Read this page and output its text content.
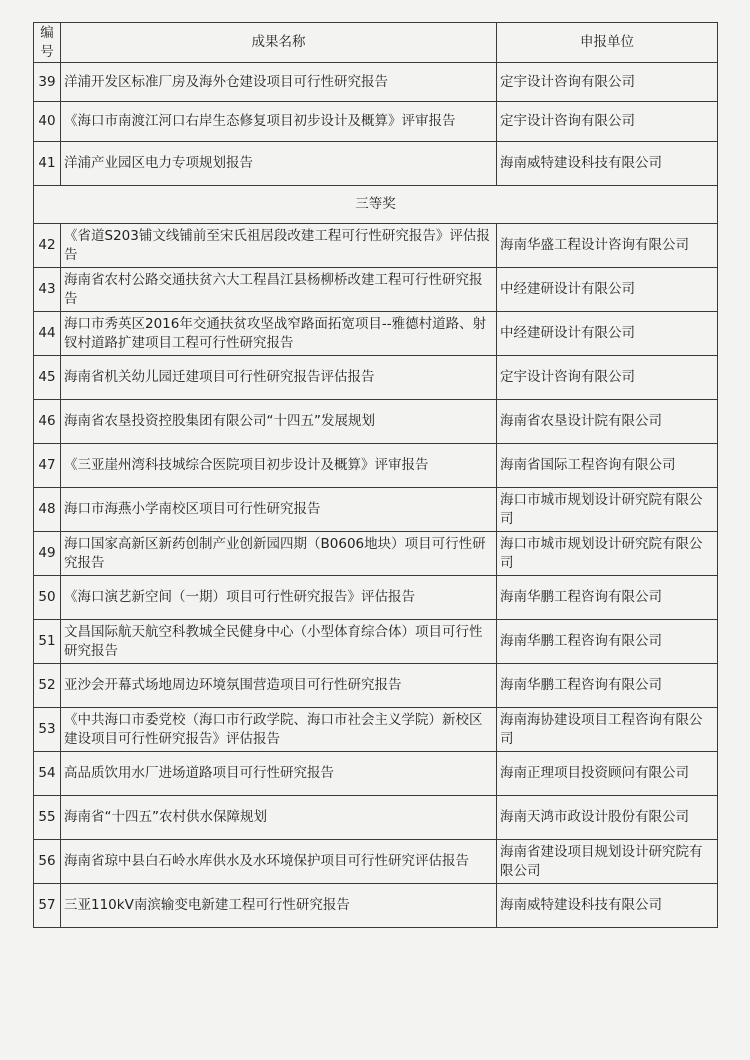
编号	成果名称	申报单位
39	洋浦开发区标准厂房及海外仓建设项目可行性研究报告	定宇设计咨询有限公司
40	《海口市南渡江河口右岸生态修复项目初步设计及概算》评审报告	定宇设计咨询有限公司
41	洋浦产业园区电力专项规划报告	海南威特建设科技有限公司
三等奖		
42	《省道S203铺文线铺前至宋氏祖居段改建工程可行性研究报告》评估报告	海南华盛工程设计咨询有限公司
43	海南省农村公路交通扶贫六大工程昌江县杨柳桥改建工程可行性研究报告	中经建研设计有限公司
44	海口市秀英区2016年交通扶贫攻坚战窄路面拓宽项目--雅德村道路、射钗村道路扩建项目工程可行性研究报告	中经建研设计有限公司
45	海南省机关幼儿园迁建项目可行性研究报告评估报告	定宇设计咨询有限公司
46	海南省农垦投资控股集团有限公司“十四五”发展规划	海南省农垦设计院有限公司
47	《三亚崖州湾科技城综合医院项目初步设计及概算》评审报告	海南省国际工程咨询有限公司
48	海口市海燕小学南校区项目可行性研究报告	海口市城市规划设计研究院有限公司
49	海口国家高新区新药创制产业创新园四期（B0606地块）项目可行性研究报告	海口市城市规划设计研究院有限公司
50	《海口演艺新空间（一期）项目可行性研究报告》评估报告	海南华鹏工程咨询有限公司
51	文昌国际航天航空科教城全民健身中心（小型体育综合体）项目可行性研究报告	海南华鹏工程咨询有限公司
52	亚沙会开幕式场地周边环境氛围营造项目可行性研究报告	海南华鹏工程咨询有限公司
53	《中共海口市委党校（海口市行政学院、海口市社会主义学院）新校区建设项目可行性研究报告》评估报告	海南海协建设项目工程咨询有限公司
54	高品质饮用水厂进场道路项目可行性研究报告	海南正理项目投资顾问有限公司
55	海南省“十四五”农村供水保障规划	海南天鸿市政设计股份有限公司
56	海南省琼中县白石岭水库供水及水环境保护项目可行性研究评估报告	海南省建设项目规划设计研究院有限公司
57	三亚110kV南滨输变电新建工程可行性研究报告	海南威特建设科技有限公司
